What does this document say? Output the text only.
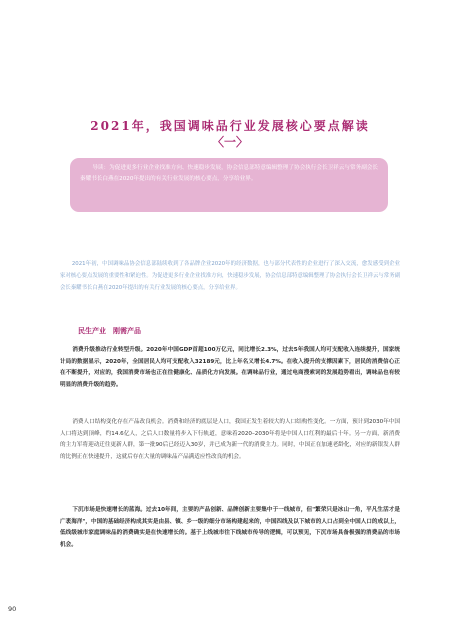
2021年，我国调味品行业发展核心要点解读
〈一〉

导读：为促进更多行业企业找准方向、快速稳步发展，协会信息部特意编辑整理了协会执行会长卫祥云与常务副会长秦耀书长白燕在2020年提出的有关行业发展的核心要点，分享给业界。

2021年初，中国调味品协会信息部陆续收到了各品牌企业2020年的经济数据，也与部分代表性的企业进行了深入交流，愈发感受到企业家对核心要点发展的重要性和紧迫性。为促进更多行业企业找准方向，快速稳步发展，协会信息部特意编辑整理了协会执行会长卫祥云与常务副会长秦耀书长白燕在2020年提出的有关行业发展的核心要点，分享给业界。

民生产业　刚需产品

消费升级推动行业转型升级。2020年中国GDP首超100万亿元，同比增长2.3%，过去5年我国人均可支配收入连续提升，国家统计局的数据显示，2020年，全国居民人均可支配收入32189元，比上年名义增长4.7%。在收入提升的支撑因素下，居民的消费信心正在不断提升，对应的，我国消费市场也正在往健康化、品质化方向发展。在调味品行业，通过电商搜索词的发展趋势看出，调味品也有较明显的消费升级的趋势。

消费人口结构变化存在产品改良机会。消费和经济的底层是人口，我国正发生着较大的人口结构性变化。一方面，预计到2030年中国人口将达到顶峰，约14.6亿人，之后人口数量将步入下行轨道，意味着2020–2030年将是中国人口红利的最后十年。另一方面，新消费的主力军将迎动迁往更新人群，第一批90后已经迈入30岁，并已成为新一代的消费主力。同时，中国正在加速老龄化，对应的新银发人群的比例正在快速提升，这就后存在大量的调味品产品满适应性改良的机会。

下沉市场是快速增长的蓝海。过去10年间，主要的产品创新、品牌创新主要集中于一线城市，但"繁荣只是冰山一角，平凡生活才是广袤海洋"，中国的基础经济构成其实是由县、镇、乡一级的细分市场构建起来的，中国四线及以下城市的人口占到全中国人口的成以上，低线级城市家庭调味品的消费确实是在快速增长的。基于上线城市往下线城市传导的逻辑，可以预见，下沉市场具备极强的消费品的市场机会。

90
